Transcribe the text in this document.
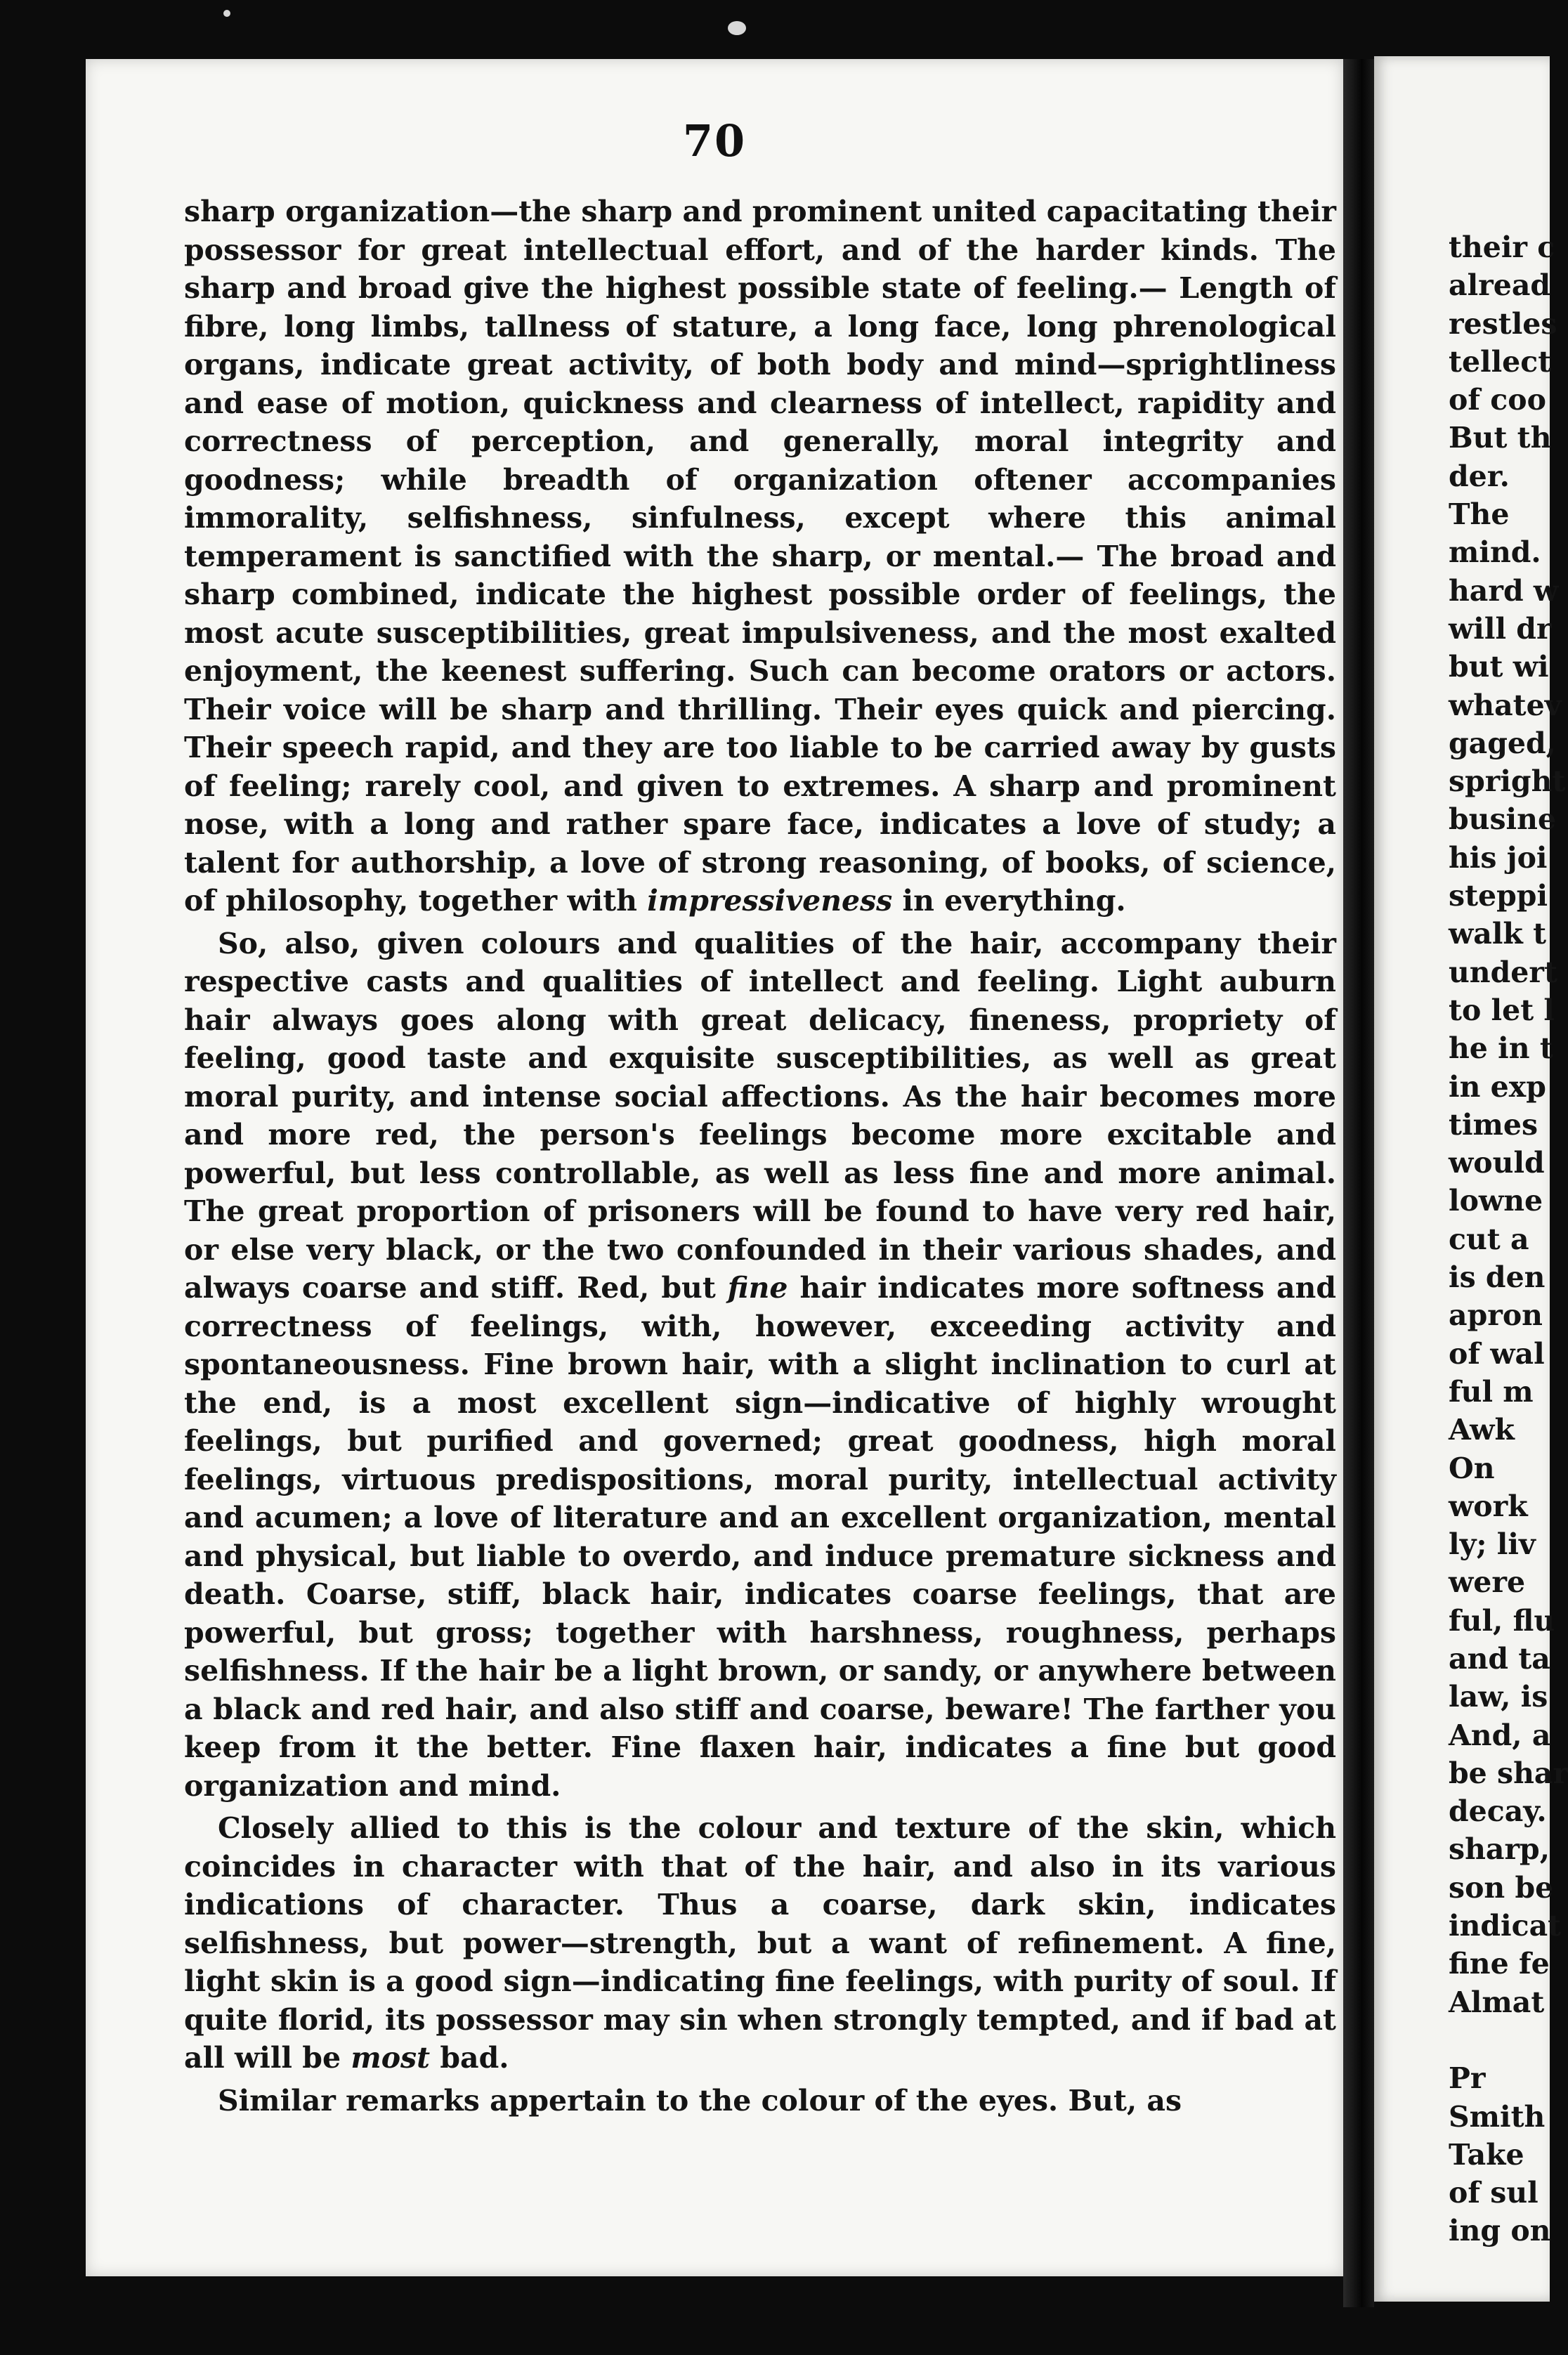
70

sharp organization—the sharp and prominent united capacitating their possessor for great intellectual effort, and of the harder kinds. The sharp and broad give the highest possible state of feeling.— Length of fibre, long limbs, tallness of stature, a long face, long phrenological organs, indicate great activity, of both body and mind—sprightliness and ease of motion, quickness and clearness of intellect, rapidity and correctness of perception, and generally, moral integrity and goodness; while breadth of organization oftener accompanies immorality, selfishness, sinfulness, except where this animal temperament is sanctified with the sharp, or mental.— The broad and sharp combined, indicate the highest possible order of feelings, the most acute susceptibilities, great impulsiveness, and the most exalted enjoyment, the keenest suffering. Such can become orators or actors. Their voice will be sharp and thrilling. Their eyes quick and piercing. Their speech rapid, and they are too liable to be carried away by gusts of feeling; rarely cool, and given to extremes. A sharp and prominent nose, with a long and rather spare face, indicates a love of study; a talent for authorship, a love of strong reasoning, of books, of science, of philosophy, together with impressiveness in everything.

So, also, given colours and qualities of the hair, accompany their respective casts and qualities of intellect and feeling. Light auburn hair always goes along with great delicacy, fineness, propriety of feeling, good taste and exquisite susceptibilities, as well as great moral purity, and intense social affections. As the hair becomes more and more red, the person's feelings become more excitable and powerful, but less controllable, as well as less fine and more animal. The great proportion of prisoners will be found to have very red hair, or else very black, or the two confounded in their various shades, and always coarse and stiff. Red, but fine hair indicates more softness and correctness of feelings, with, however, exceeding activity and spontaneousness. Fine brown hair, with a slight inclination to curl at the end, is a most excellent sign—indicative of highly wrought feelings, but purified and governed; great goodness, high moral feelings, virtuous predispositions, moral purity, intellectual activity and acumen; a love of literature and an excellent organization, mental and physical, but liable to overdo, and induce premature sickness and death. Coarse, stiff, black hair, indicates coarse feelings, that are powerful, but gross; together with harshness, roughness, perhaps selfishness. If the hair be a light brown, or sandy, or anywhere between a black and red hair, and also stiff and coarse, beware! The farther you keep from it the better. Fine flaxen hair, indicates a fine but good organization and mind.

Closely allied to this is the colour and texture of the skin, which coincides in character with that of the hair, and also in its various indications of character. Thus a coarse, dark skin, indicates selfishness, but power—strength, but a want of refinement. A fine, light skin is a good sign—indicating fine feelings, with purity of soul. If quite florid, its possessor may sin when strongly tempted, and if bad at all will be most bad.

Similar remarks appertain to the colour of the eyes. But, as

their c
alread
restles
tellect
of coo
But th
der.
The
mind.
hard w
will dr
but wi
whatev
gaged,
spright
busine
his joi
steppi
walk t
undert
to let l
he in t
in exp
times
would
lowne
cut a
is den
apron
of wal
ful m
Awk
On
work
ly; liv
were
ful, flu
and ta
law, is
And, a
be shar
decay.
sharp,
son be
indicat
fine fe
Almat
Pr
Smith
Take
of sul
ing on
